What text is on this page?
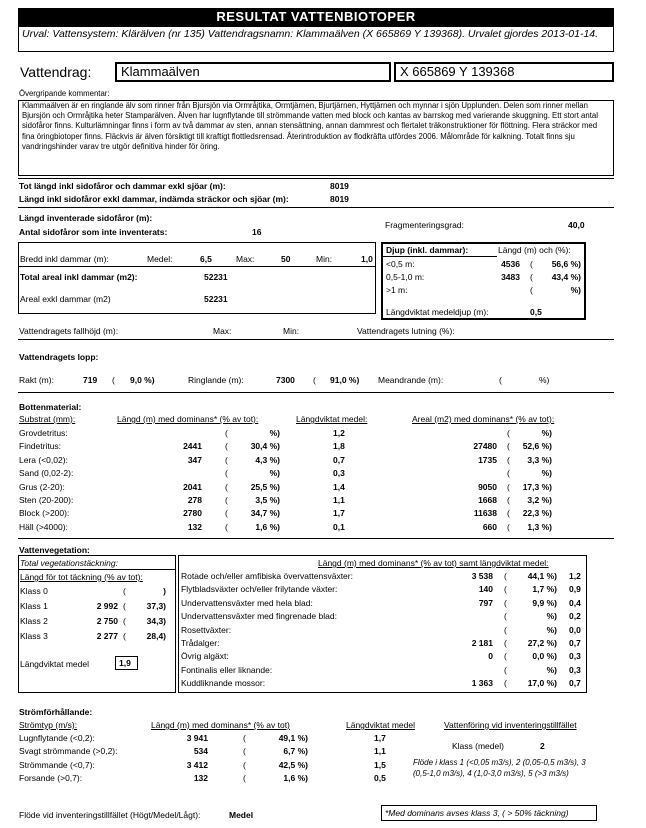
RESULTAT VATTENBIOTOPER
Urval: Vattensystem: Klärälven (nr 135) Vattendragsnamn: Klammaälven (X 665869 Y 139368). Urvalet gjordes 2013-01-14.
Vattendrag:	Klammaälven	X 665869 Y 139368
Övergripande kommentar:
Klammaälven är en ringlande älv som rinner från Bjursjön via Ormråjtika, Ormtjärnen, Bjurtjärnen, Hyttjärnen och mynnar i sjön Upplunden. Delen som rinner mellan Bjursjön och Ormråjtika heter Stamparälven. Älven har lugnflytande till strömmande vatten med block och kantas av barrskog med varierande skuggning. Ett stort antal sidofåror finns. Kulturlämningar finns i form av två dammar av sten, annan stensättning, annan dammrest och flertalet träkonstruktioner för flöttning. Flera sträckor med fina öringbiotoper finns. Fläckvis är älven försiktigt till kraftigt flottledsrensad. Återintroduktion av flodkräfta utfördes 2006. Målområde för kalkning. Totalt finns sju vandringshinder varav tre utgör definitiva hinder för öring.
Tot längd inkl sidofåror och dammar exkl sjöar (m):	8019
Längd inkl sidofåror exkl dammar, indämda sträckor och sjöar (m):	8019
Längd inventerade sidofåror (m):
Antal sidofåror som inte inventerats:	16
Fragmenteringsgrad:	40,0
Bredd inkl dammar (m):	Medel:	6,5	Max:	50	Min:	1,0
Total areal inkl dammar (m2):	52231
Areal exkl dammar (m2)	52231
Djup (inkl. dammar):	Längd (m) och (%):
<0,5 m:	4536 ( 56,6 %)
0,5-1,0 m:	3483 ( 43,4 %)
>1 m:	(	%)
Längdviktat medeldjup (m):	0,5
Vattendragets fallhöjd (m):	Max:	Min:	Vattendragets lutning (%):
Vattendragets lopp:
Rakt (m):	719 ( 9,0 %)	Ringlande (m):	7300 ( 91,0 %) Meandrande (m):	(	%)
Bottenmaterial:
Substrat (mm):	Längd (m) med dominans* (% av tot):	Längdviktat medel:	Areal (m2) med dominans* (% av tot):
Grovdetritus:	(	%)	1,2	(	%)
Findetritus:	2441	(	30,4 %)	1,8	27480 ( 52,6 %)
Lera (<0,02):	347	(	4,3 %)	0,7	1735 ( 3,3 %)
Sand (0,02-2):	(	%)	0,3	(	%)
Grus (2-20):	2041	(	25,5 %)	1,4	9050 ( 17,3 %)
Sten (20-200):	278	(	3,5 %)	1,1	1668 ( 3,2 %)
Block (>200):	2780	(	34,7 %)	1,7	11638 ( 22,3 %)
Häll (>4000):	132	(	1,6 %)	0,1	660 ( 1,3 %)
Vattenvegetation:
Total vegetationstäckning:
Längd för tot täckning (% av tot):
Klass 0	(	)
Klass 1	2 992 ( 37,3)
Klass 2	2 750 ( 34,3)
Klass 3	2 277 ( 28,4)
Längdviktat medel	1,9
Längd (m) med dominans* (% av tot) samt längdviktat medel:
Rotade och/eller amfibiska övervattensväxter:	3 538 ( 44,1 %) 1,2
Flytbladsväxter och/eller frilytande växter:	140 (	1,7 %) 0,9
Undervattensväxter med hela blad:	797 (	9,9 %) 0,4
Undervattensväxter med fingrenade blad:	(	%) 0,2
Rosettväxter:	(	%) 0,0
Trådalger:	2 181 ( 27,2 %) 0,7
Övrig algäxt:	0 (	0,0 %) 0,3
Fontinalis eller liknande:	(	%) 0,3
Kuddliknande mossor:	1 363 ( 17,0 %) 0,7
Strömförhållande:
Strömtyp (m/s):	Längd (m) med dominans* (% av tot)	Längdviktat medel	Vattenföring vid inventeringstillfället
Lugnflytande (<0,2):	3 941	(	49,1 %)	1,7
Svagt strömmande (>0,2):	534	(	6,7 %)	1,1
Strömmande (<0,7):	3 412	(	42,5 %)	1,5
Forsande (>0,7):	132	(	1,6 %)	0,5
Klass (medel)	2
Flöde i klass 1 (<0,05 m3/s), 2 (0,05-0,5 m3/s), 3 (0,5-1,0 m3/s), 4 (1,0-3,0 m3/s), 5 (>3 m3/s)
Flöde vid inventeringstillfället (Högt/Medel/Lågt):	Medel	*Med dominans avses klass 3, ( > 50% täckning)
